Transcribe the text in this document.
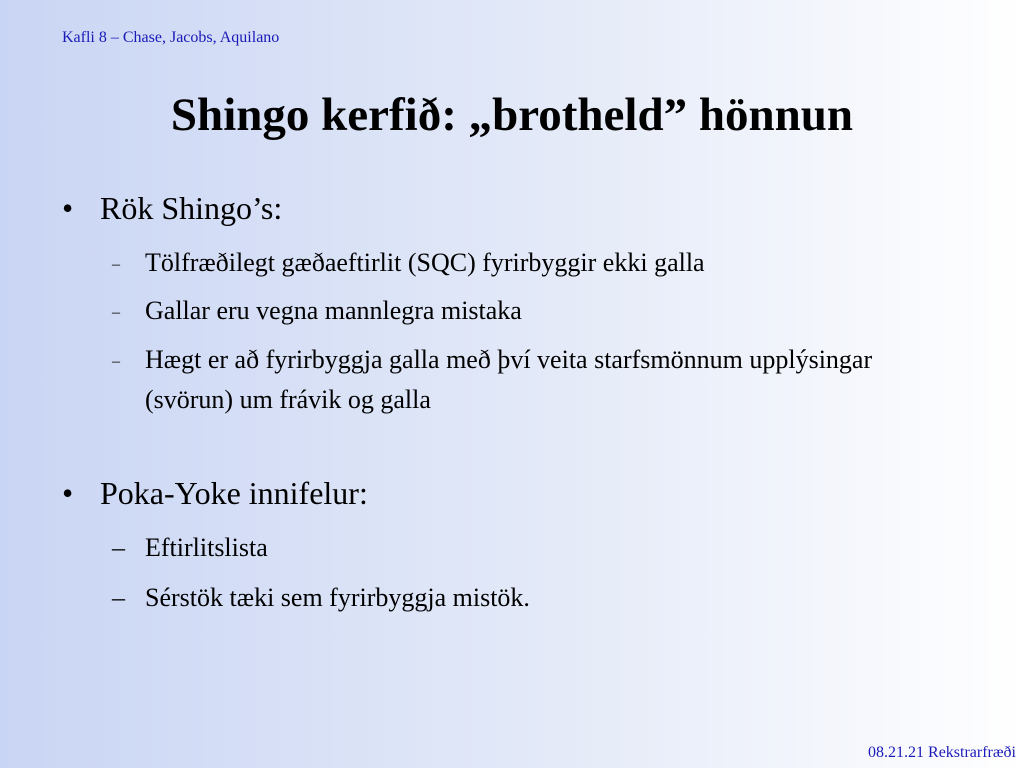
Kafli 8 – Chase, Jacobs, Aquilano
Shingo kerfið: „brotheld” hönnun
• Rök Shingo’s:
– Tölfræðilegt gæðaeftirlit (SQC) fyrirbyggir ekki galla
– Gallar eru vegna mannlegra mistaka
– Hægt er að fyrirbyggja galla með því veita starfsmönnum upplýsingar (svörun) um frávik og galla
• Poka-Yoke innifelur:
– Eftirlitslista
– Sérstök tæki sem fyrirbyggja mistök.
08.21.21 Rekstrarfræði
